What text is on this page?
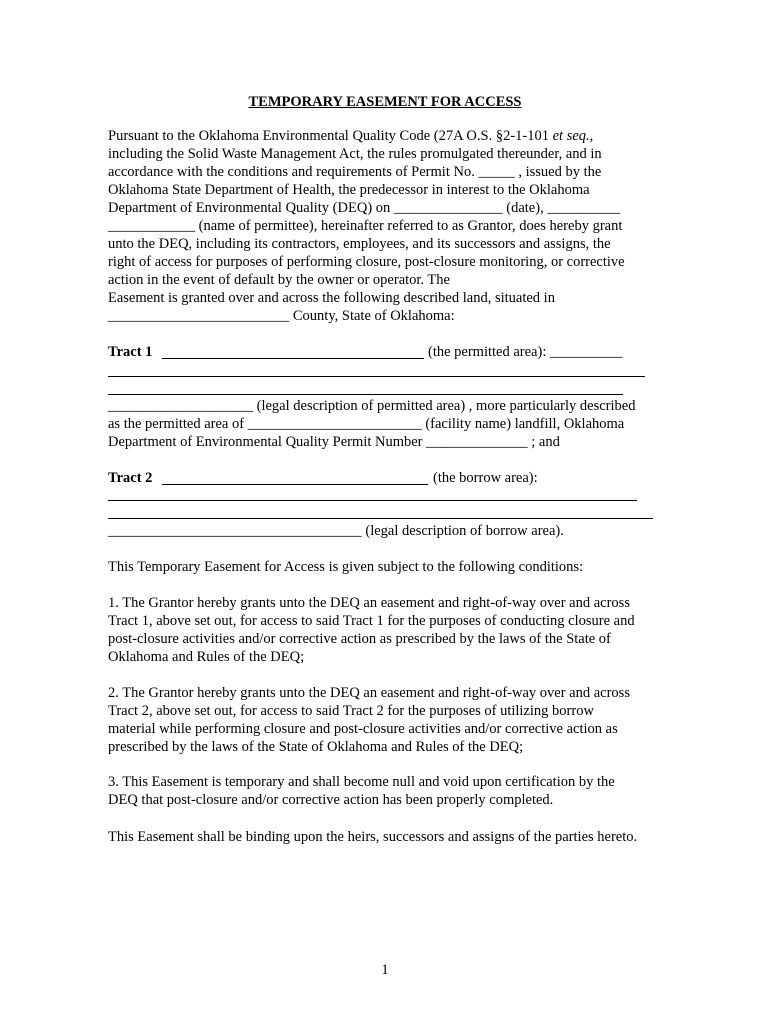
TEMPORARY EASEMENT FOR ACCESS
Pursuant to the Oklahoma Environmental Quality Code (27A O.S. §2-1-101 et seq.,
including the Solid Waste Management Act, the rules promulgated thereunder, and in
accordance with the conditions and requirements of Permit No. _____ , issued by the
Oklahoma State Department of Health, the predecessor in interest to the Oklahoma
Department of Environmental Quality (DEQ) on _______________ (date), __________
____________ (name of permittee), hereinafter referred to as Grantor, does hereby grant
unto the DEQ, including its contractors, employees, and its successors and assigns, the
right of access for purposes of performing closure, post-closure monitoring, or corrective
action in the event of default by the owner or operator. The
Easement is granted over and across the following described land, situated in
_________________________ County, State of Oklahoma:
Tract 1	(the permitted area): __________
____________________ (legal description of permitted area) , more particularly described
as the permitted area of ________________________ (facility name) landfill, Oklahoma
Department of Environmental Quality Permit Number ______________ ; and
Tract 2	(the borrow area):
___________________________________ (legal description of borrow area).
This Temporary Easement for Access is given subject to the following conditions:
1. The Grantor hereby grants unto the DEQ an easement and right-of-way over and across
Tract 1, above set out, for access to said Tract 1 for the purposes of conducting closure and
post-closure activities and/or corrective action as prescribed by the laws of the State of
Oklahoma and Rules of the DEQ;
2. The Grantor hereby grants unto the DEQ an easement and right-of-way over and across
Tract 2, above set out, for access to said Tract 2 for the purposes of utilizing borrow
material while performing closure and post-closure activities and/or corrective action as
prescribed by the laws of the State of Oklahoma and Rules of the DEQ;
3. This Easement is temporary and shall become null and void upon certification by the
DEQ that post-closure and/or corrective action has been properly completed.
This Easement shall be binding upon the heirs, successors and assigns of the parties hereto.
1
